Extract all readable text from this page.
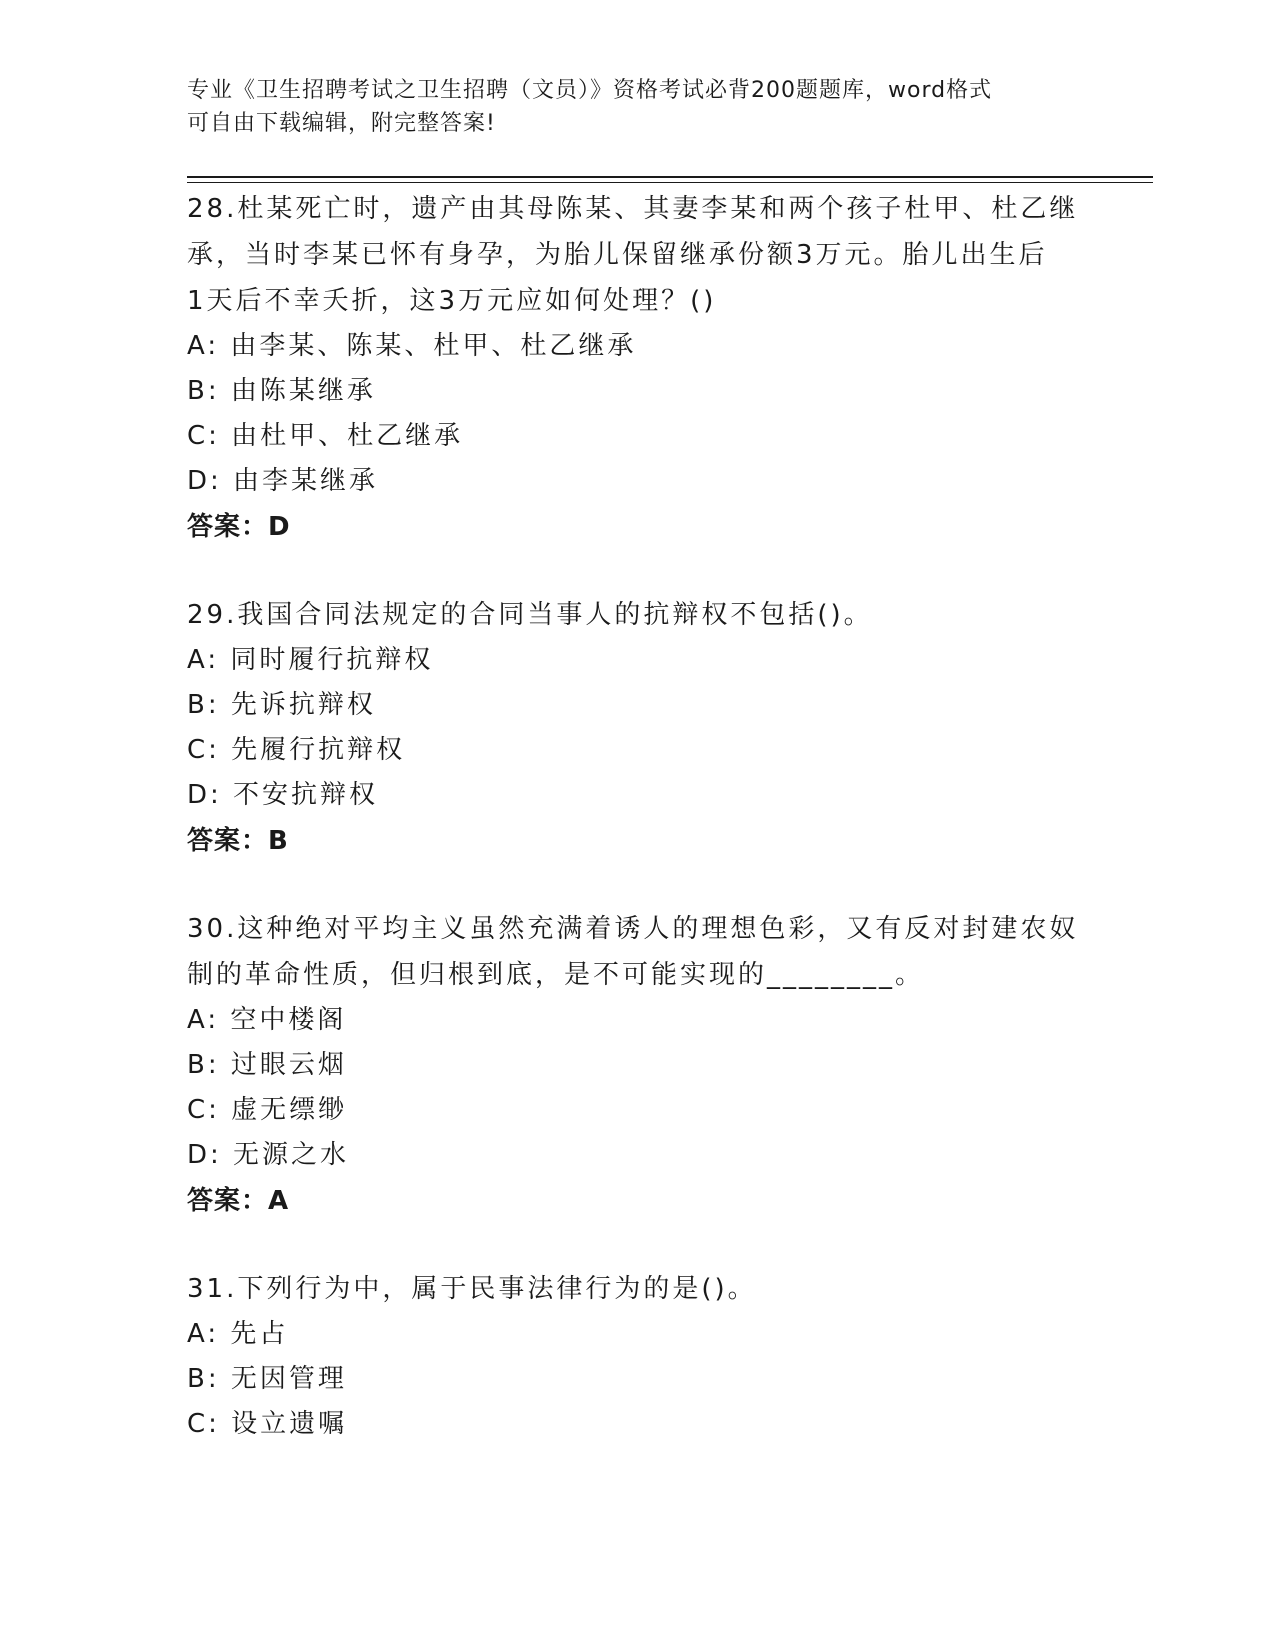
专业《卫生招聘考试之卫生招聘（文员）》资格考试必背200题题库，word格式
可自由下载编辑，附完整答案!
28.杜某死亡时，遗产由其母陈某、其妻李某和两个孩子杜甲、杜乙继
承，当时李某已怀有身孕，为胎儿保留继承份额3万元。胎儿出生后
1天后不幸夭折，这3万元应如何处理？()
A: 由李某、陈某、杜甲、杜乙继承
B: 由陈某继承
C: 由杜甲、杜乙继承
D: 由李某继承
答案：D
29.我国合同法规定的合同当事人的抗辩权不包括()。
A: 同时履行抗辩权
B: 先诉抗辩权
C: 先履行抗辩权
D: 不安抗辩权
答案：B
30.这种绝对平均主义虽然充满着诱人的理想色彩，又有反对封建农奴
制的革命性质，但归根到底，是不可能实现的________。
A: 空中楼阁
B: 过眼云烟
C: 虚无缥缈
D: 无源之水
答案：A
31.下列行为中，属于民事法律行为的是()。
A: 先占
B: 无因管理
C: 设立遗嘱
